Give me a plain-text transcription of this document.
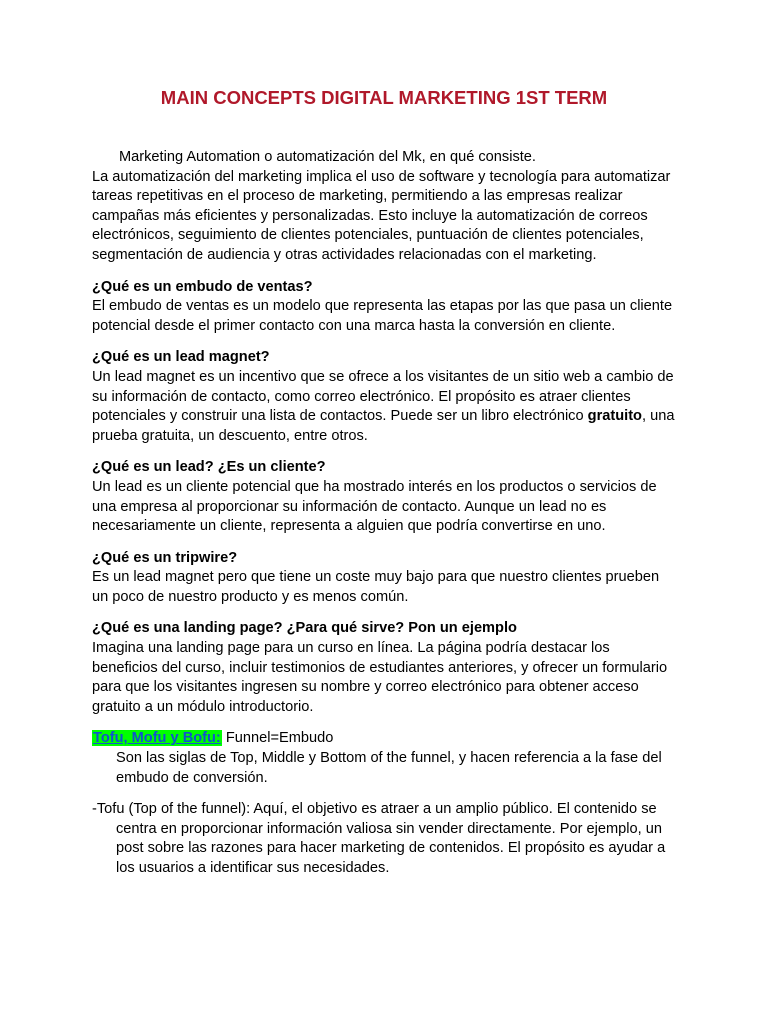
MAIN CONCEPTS DIGITAL MARKETING 1ST TERM

Marketing Automation o automatización del Mk, en qué consiste.

La automatización del marketing implica el uso de software y tecnología para automatizar tareas repetitivas en el proceso de marketing, permitiendo a las empresas realizar campañas más eficientes y personalizadas. Esto incluye la automatización de correos electrónicos, seguimiento de clientes potenciales, puntuación de clientes potenciales, segmentación de audiencia y otras actividades relacionadas con el marketing.

¿Qué es un embudo de ventas?

El embudo de ventas es un modelo que representa las etapas por las que pasa un cliente potencial desde el primer contacto con una marca hasta la conversión en cliente.

¿Qué es un lead magnet?

Un lead magnet es un incentivo que se ofrece a los visitantes de un sitio web a cambio de su información de contacto, como correo electrónico. El propósito es atraer clientes potenciales y construir una lista de contactos. Puede ser un libro electrónico gratuito, una prueba gratuita, un descuento, entre otros.

¿Qué es un lead? ¿Es un cliente?

Un lead es un cliente potencial que ha mostrado interés en los productos o servicios de una empresa al proporcionar su información de contacto. Aunque un lead no es necesariamente un cliente, representa a alguien que podría convertirse en uno.

¿Qué es un tripwire?

Es un lead magnet pero que tiene un coste muy bajo para que nuestro clientes prueben un poco de nuestro producto y es menos común.

¿Qué es una landing page? ¿Para qué sirve? Pon un ejemplo

Imagina una landing page para un curso en línea. La página podría destacar los beneficios del curso, incluir testimonios de estudiantes anteriores, y ofrecer un formulario para que los visitantes ingresen su nombre y correo electrónico para obtener acceso gratuito a un módulo introductorio.

Tofu, Mofu y Bofu: Funnel=Embudo

Son las siglas de Top, Middle y Bottom of the funnel, y hacen referencia a la fase del embudo de conversión.

-Tofu (Top of the funnel): Aquí, el objetivo es atraer a un amplio público. El contenido se centra en proporcionar información valiosa sin vender directamente. Por ejemplo, un post sobre las razones para hacer marketing de contenidos. El propósito es ayudar a los usuarios a identificar sus necesidades.
